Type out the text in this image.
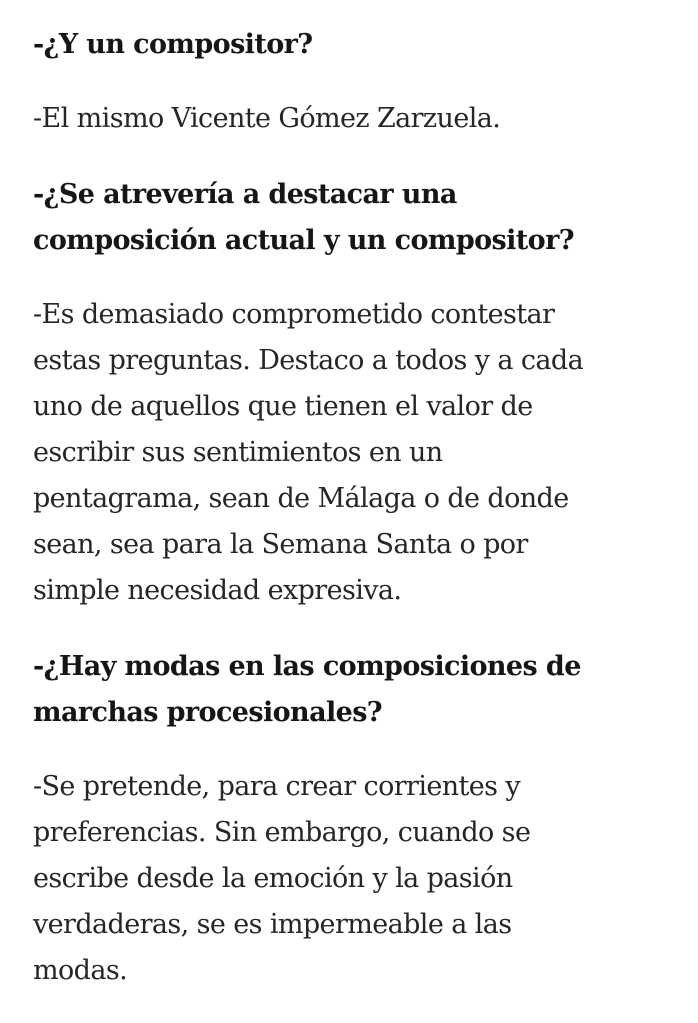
-¿Y un compositor?

-El mismo Vicente Gómez Zarzuela.

-¿Se atrevería a destacar una
composición actual y un compositor?

-Es demasiado comprometido contestar
estas preguntas. Destaco a todos y a cada
uno de aquellos que tienen el valor de
escribir sus sentimientos en un
pentagrama, sean de Málaga o de donde
sean, sea para la Semana Santa o por
simple necesidad expresiva.

-¿Hay modas en las composiciones de
marchas procesionales?

-Se pretende, para crear corrientes y
preferencias. Sin embargo, cuando se
escribe desde la emoción y la pasión
verdaderas, se es impermeable a las
modas.
